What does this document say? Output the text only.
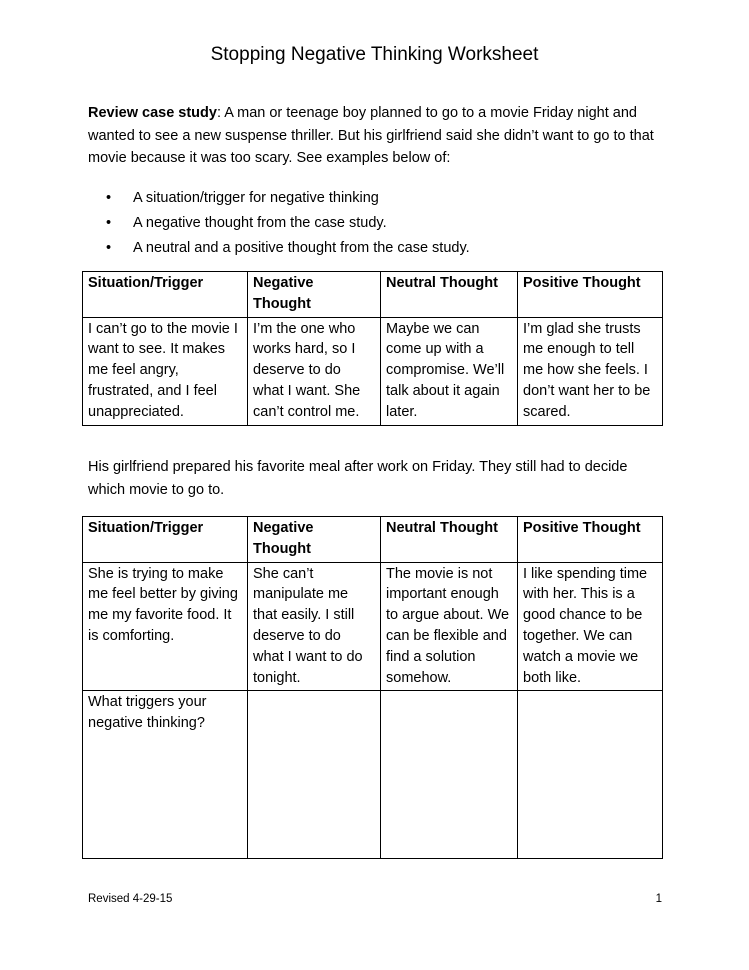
Stopping Negative Thinking Worksheet
Review case study: A man or teenage boy planned to go to a movie Friday night and wanted to see a new suspense thriller. But his girlfriend said she didn’t want to go to that movie because it was too scary. See examples below of:
• A situation/trigger for negative thinking
• A negative thought from the case study.
• A neutral and a positive thought from the case study.
Situation/Trigger	Negative Thought	Neutral Thought	Positive Thought
I can’t go to the movie I want to see. It makes me feel angry, frustrated, and I feel unappreciated.	I’m the one who works hard, so I deserve to do what I want. She can’t control me.	Maybe we can come up with a compromise. We’ll talk about it again later.	I’m glad she trusts me enough to tell me how she feels. I don’t want her to be scared.
His girlfriend prepared his favorite meal after work on Friday. They still had to decide which movie to go to.
Situation/Trigger	Negative Thought	Neutral Thought	Positive Thought
She is trying to make me feel better by giving me my favorite food. It is comforting.	She can’t manipulate me that easily. I still deserve to do what I want to do tonight.	The movie is not important enough to argue about. We can be flexible and find a solution somehow.	I like spending time with her. This is a good chance to be together. We can watch a movie we both like.
What triggers your negative thinking?			
Revised 4-29-15	1
